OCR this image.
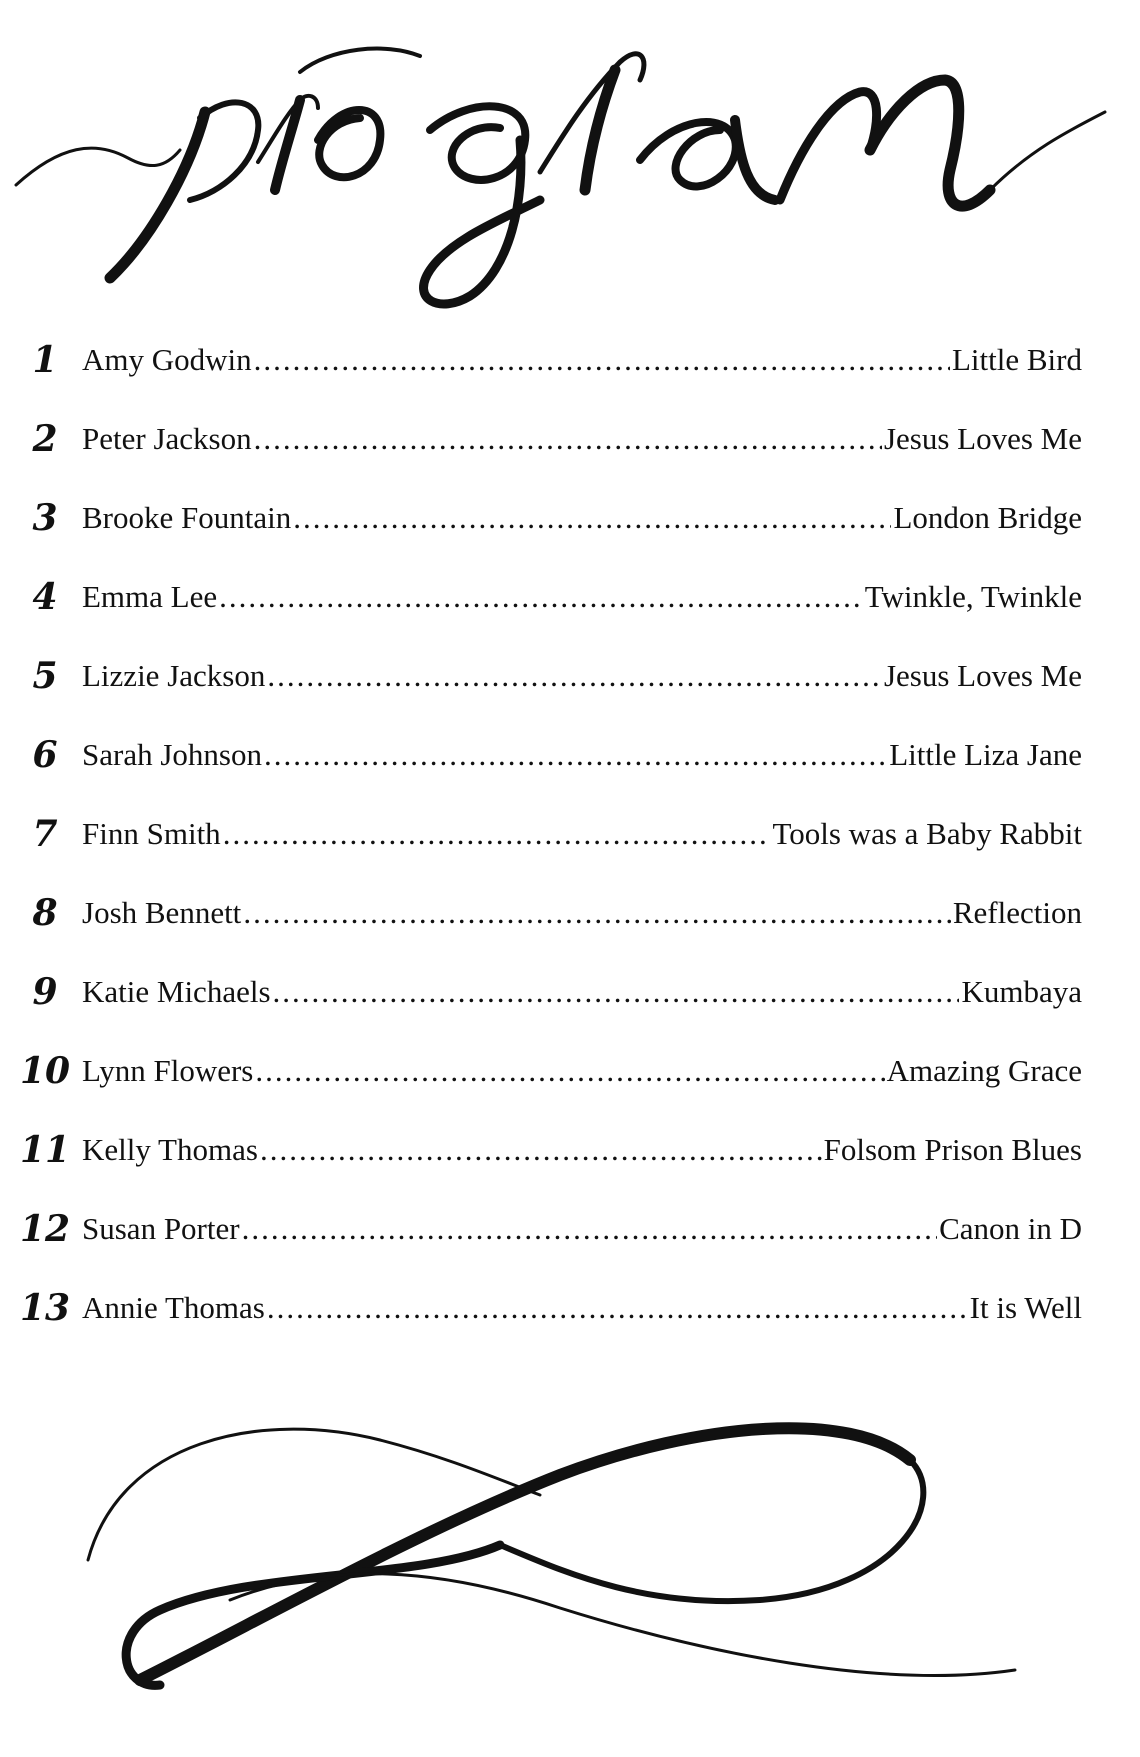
1 Amy Godwin .....	Little Bird
2 Peter Jackson .....	Jesus Loves Me
3 Brooke Fountain .....	London Bridge
4 Emma Lee .....	Twinkle, Twinkle
5 Lizzie Jackson .....	Jesus Loves Me
6 Sarah Johnson .....	Little Liza Jane
7 Finn Smith .....	Tools was a Baby Rabbit
8 Josh Bennett .....	Reflection
9 Katie Michaels .....	Kumbaya
10 Lynn Flowers .....	Amazing Grace
11 Kelly Thomas .....	Folsom Prison Blues
12 Susan Porter .....	Canon in D
13 Annie Thomas .....	It is Well
